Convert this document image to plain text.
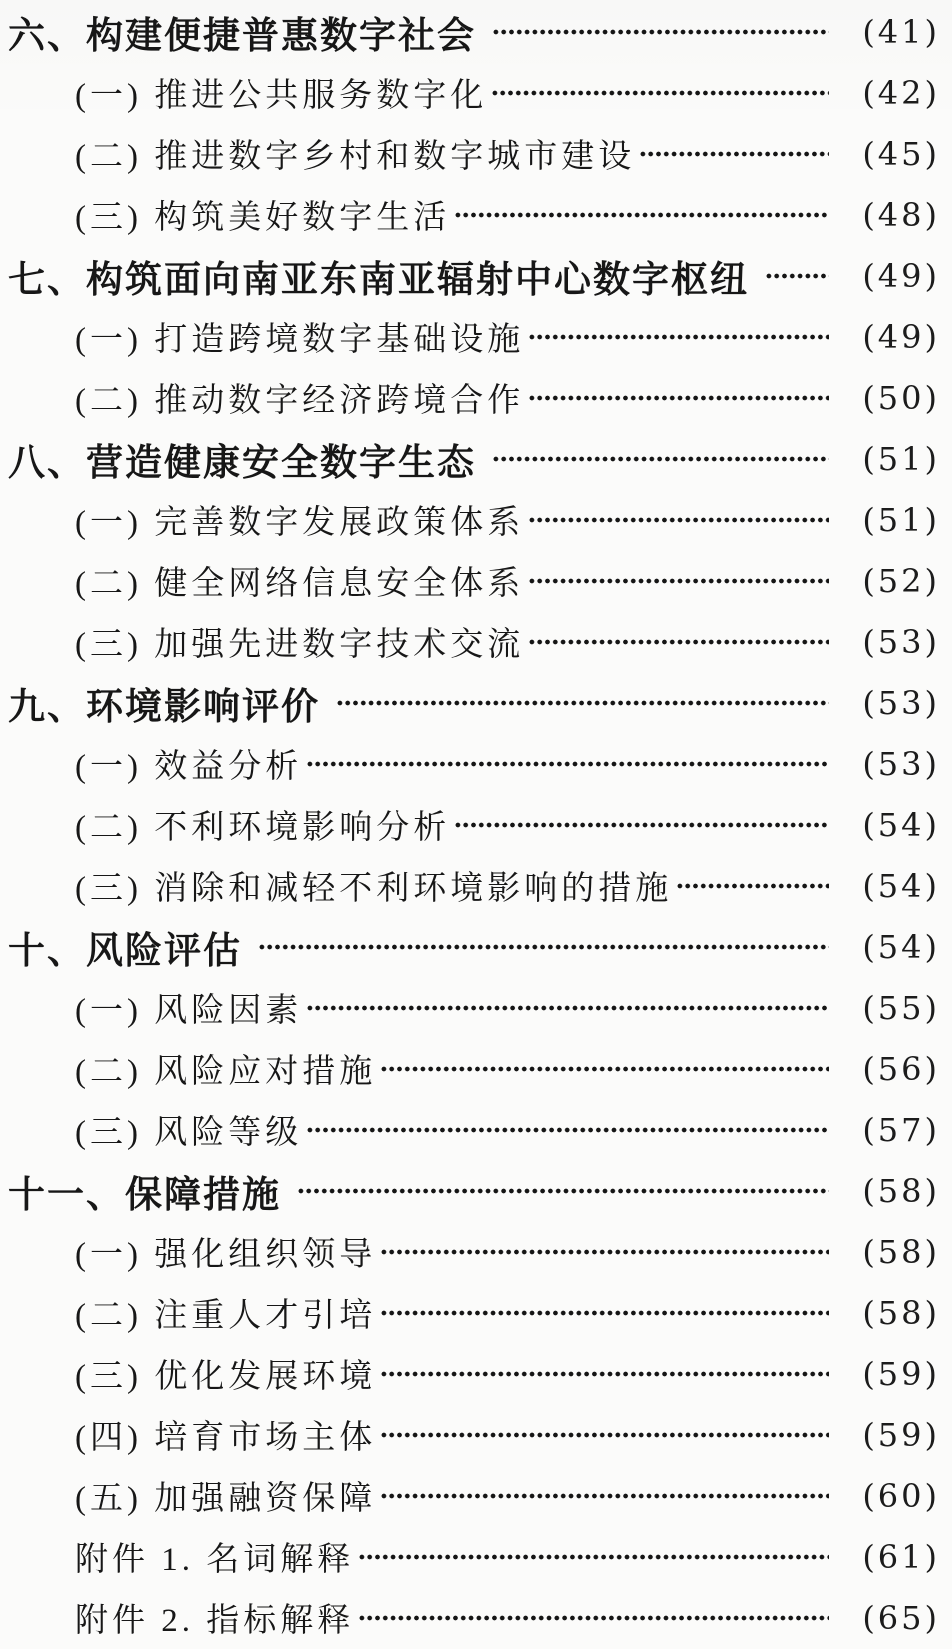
六、构建便捷普惠数字社会	(41)
(一) 推进公共服务数字化	(42)
(二) 推进数字乡村和数字城市建设	(45)
(三) 构筑美好数字生活	(48)
七、构筑面向南亚东南亚辐射中心数字枢纽	(49)
(一) 打造跨境数字基础设施	(49)
(二) 推动数字经济跨境合作	(50)
八、营造健康安全数字生态	(51)
(一) 完善数字发展政策体系	(51)
(二) 健全网络信息安全体系	(52)
(三) 加强先进数字技术交流	(53)
九、环境影响评价	(53)
(一) 效益分析	(53)
(二) 不利环境影响分析	(54)
(三) 消除和减轻不利环境影响的措施	(54)
十、风险评估	(54)
(一) 风险因素	(55)
(二) 风险应对措施	(56)
(三) 风险等级	(57)
十一、保障措施	(58)
(一) 强化组织领导	(58)
(二) 注重人才引培	(58)
(三) 优化发展环境	(59)
(四) 培育市场主体	(59)
(五) 加强融资保障	(60)
附件 1. 名词解释	(61)
附件 2. 指标解释	(65)
